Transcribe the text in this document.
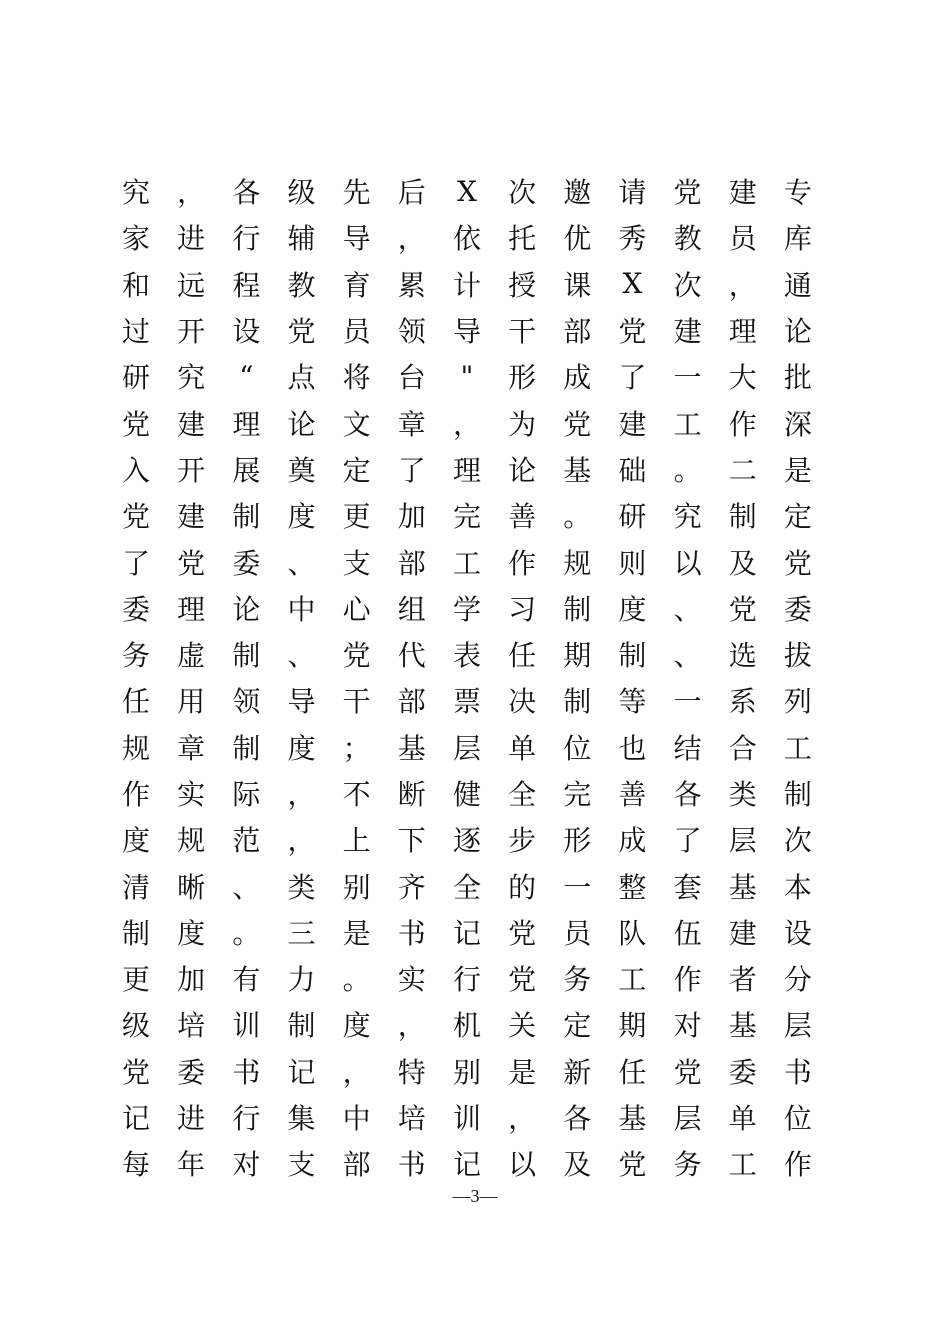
究 ， 各 级 先 后 X 次 邀 请 党 建 专
家 进 行 辅 导 ， 依 托 优 秀 教 员 库
和 远 程 教 育 累 计 授 课 X 次 ， 通
过 开 设 党 员 领 导 干 部 党 建 理 论
研 究 “ 点 将 台 " 形 成 了 一 大 批
党 建 理 论 文 章 ， 为 党 建 工 作 深
入 开 展 奠 定 了 理 论 基 础 。 二 是
党 建 制 度 更 加 完 善 。 研 究 制 定
了 党 委 、 支 部 工 作 规 则 以 及 党
委 理 论 中 心 组 学 习 制 度 、 党 委
务 虚 制 、 党 代 表 任 期 制 、 选 拔
任 用 领 导 干 部 票 决 制 等 一 系 列
规 章 制 度 ； 基 层 单 位 也 结 合 工
作 实 际 ， 不 断 健 全 完 善 各 类 制
度 规 范 ， 上 下 逐 步 形 成 了 层 次
清 晰 、 类 别 齐 全 的 一 整 套 基 本
制 度 。 三 是 书 记 党 员 队 伍 建 设
更 加 有 力 。 实 行 党 务 工 作 者 分
级 培 训 制 度 ， 机 关 定 期 对 基 层
党 委 书 记 ， 特 别 是 新 任 党 委 书
记 进 行 集 中 培 训 ， 各 基 层 单 位
每 年 对 支 部 书 记 以 及 党 务 工 作
—3—
